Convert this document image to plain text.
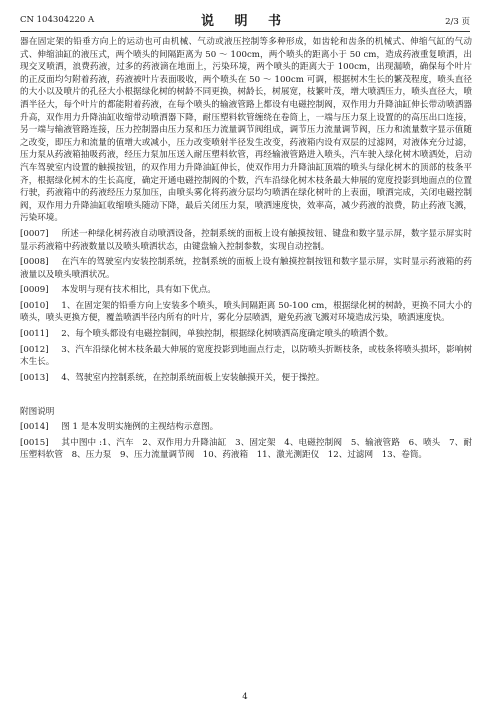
CN 104304220 A	说 明 书	2/3 页

器在固定架的铅垂方向上的运动也可由机械、气动或液压控制等多种形成，如齿轮和齿条的机械式、伸缩气缸的气动式、伸缩油缸的液压式，两个喷头的间隔距离为 50 ～ 100cm，两个喷头的距离小于 50 cm，造成药液重复喷洒，出现交叉喷洒，浪费药液，过多的药液滴在地面上，污染环境，两个喷头的距离大于 100cm，出现漏喷，确保每个叶片的正反面均匀附着药液，药液被叶片表面吸收，两个喷头在 50 ～ 100cm 可调，根据树木生长的繁茂程度，喷头直径的大小以及喷片的孔径大小根据绿化树的树龄不同更换，树龄长，树展宽，枝繁叶茂，增大喷洒压力，喷头直径大，喷洒半径大，每个叶片的都能附着药液，在每个喷头的输液管路上都设有电磁控制阀，双作用力升降油缸伸长带动喷洒器升高，双作用力升降油缸收缩带动喷洒器下降，耐压塑料软管缠绕在卷筒上，一端与压力泵上设置的的高压出口连接，另一端与输液管路连接，压力控制器由压力泵和压力流量调节阀组成，调节压力流量调节阀，压力和流量数字显示值随之改变，即压力和流量的值增大或减小，压力改变喷射半径发生改变，药液箱内设有双层的过滤网，对液体充分过滤，压力泵从药液箱抽吸药液，经压力泵加压送入耐压塑料软管，再经输液管路进入喷头，汽车驶入绿化树木喷洒处，启动汽车驾驶室内设置的触摸按钮，的双作用力升降油缸伸长，使双作用力升降油缸顶端的喷头与绿化树木的顶部的枝条平齐，根据绿化树木的生长高度，确定开通电磁控制阀的个数，汽车沿绿化树木枝条最大伸展的宽度投影到地面点的位置行驶，药液箱中的药液经压力泵加压，由喷头雾化将药液分层均匀喷洒在绿化树叶的上表面，喷洒完成，关闭电磁控制阀，双作用力升降油缸收缩喷头随动下降，最后关闭压力泵，喷洒速度快，效率高，减少药液的浪费，防止药液飞溅，污染环境。

[0007]　 所述一种绿化树药液自动喷洒设备，控制系统的面板上设有触摸按钮、键盘和数字显示屏，数字显示屏实时显示药液箱中药液数量以及喷头喷洒状态，由键盘输入控制参数，实现自动控制。

[0008]　 在汽车的驾驶室内安装控制系统，控制系统的面板上设有触摸控制按钮和数字显示屏，实时显示药液箱的药液量以及喷头喷洒状况。

[0009]　 本发明与现有技术相比，具有如下优点。

[0010]　 1、在固定架的铅垂方向上安装多个喷头，喷头间隔距离 50-100 cm，根据绿化树的树龄，更换不同大小的喷头，喷头更换方便，覆盖喷洒半径内所有的叶片，雾化分层喷洒，避免药液飞溅对环境造成污染，喷洒速度快。

[0011]　 2、每个喷头都设有电磁控制阀，单独控制，根据绿化树喷洒高度确定喷头的喷洒个数。

[0012]　 3、汽车沿绿化树木枝条最大伸展的宽度投影到地面点行走，以防喷头折断枝条，或枝条将喷头损坏，影响树木生长。

[0013]　 4、驾驶室内控制系统，在控制系统面板上安装触摸开关，便于操控。

附图说明

[0014]　 图 1 是本发明实施例的主视结构示意图。

[0015]　 其中图中 :1、汽车　2、双作用力升降油缸　3、固定架　4、电磁控制阀　5、输液管路　6、喷头　7、耐压塑料软管　8、压力泵　9、压力流量调节阀　10、药液箱　11、激光测距仪　12、过滤网　13、卷筒。

4
